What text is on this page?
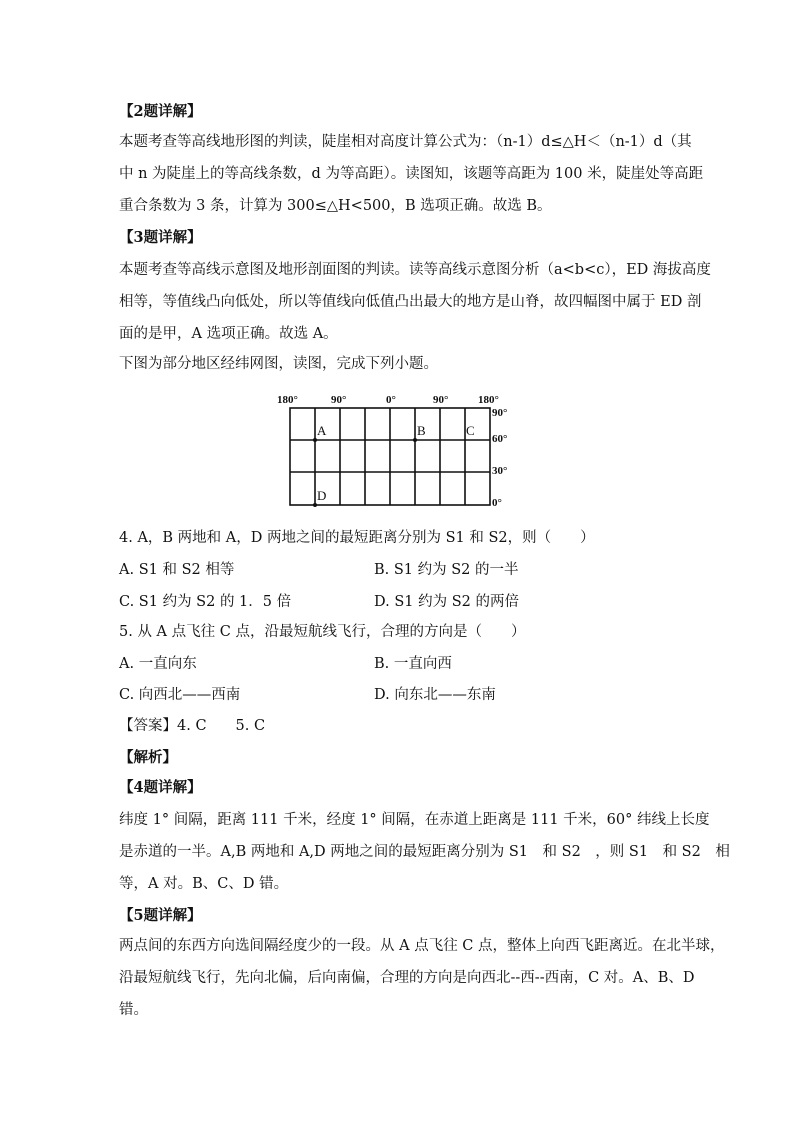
【2题详解】
本题考查等高线地形图的判读，陡崖相对高度计算公式为：（n-1）d≤△H＜（n-1）d（其
中 n 为陡崖上的等高线条数，d 为等高距）。读图知，该题等高距为 100 米，陡崖处等高距
重合条数为 3 条，计算为 300≤△H<500，B 选项正确。故选 B。
【3题详解】
本题考查等高线示意图及地形剖面图的判读。读等高线示意图分析（a<b<c），ED 海拔高度
相等，等值线凸向低处，所以等值线向低值凸出最大的地方是山脊，故四幅图中属于 ED 剖
面的是甲，A 选项正确。故选 A。
下图为部分地区经纬网图，读图，完成下列小题。
180°	90°	0°	90°	180°
90°
60°
30°
0°
A	B	C
D
4. A，B 两地和 A，D 两地之间的最短距离分别为 S1 和 S2，则（　　）
A. S1 和 S2 相等	B. S1 约为 S2 的一半
C. S1 约为 S2 的 1．5 倍	D. S1 约为 S2 的两倍
5. 从 A 点飞往 C 点，沿最短航线飞行，合理的方向是（　　）
A. 一直向东	B. 一直向西
C. 向西北——西南	D. 向东北——东南
【答案】4. C　　5. C
【解析】
【4题详解】
纬度 1° 间隔，距离 111 千米，经度 1° 间隔，在赤道上距离是 111 千米，60° 纬线上长度
是赤道的一半。A,B 两地和 A,D 两地之间的最短距离分别为 S1　和 S2　，则 S1　和 S2　相
等，A 对。B、C、D 错。
【5题详解】
两点间的东西方向选间隔经度少的一段。从 A 点飞往 C 点，整体上向西飞距离近。在北半球，
沿最短航线飞行，先向北偏，后向南偏，合理的方向是向西北--西--西南，C 对。A、B、D
错。
